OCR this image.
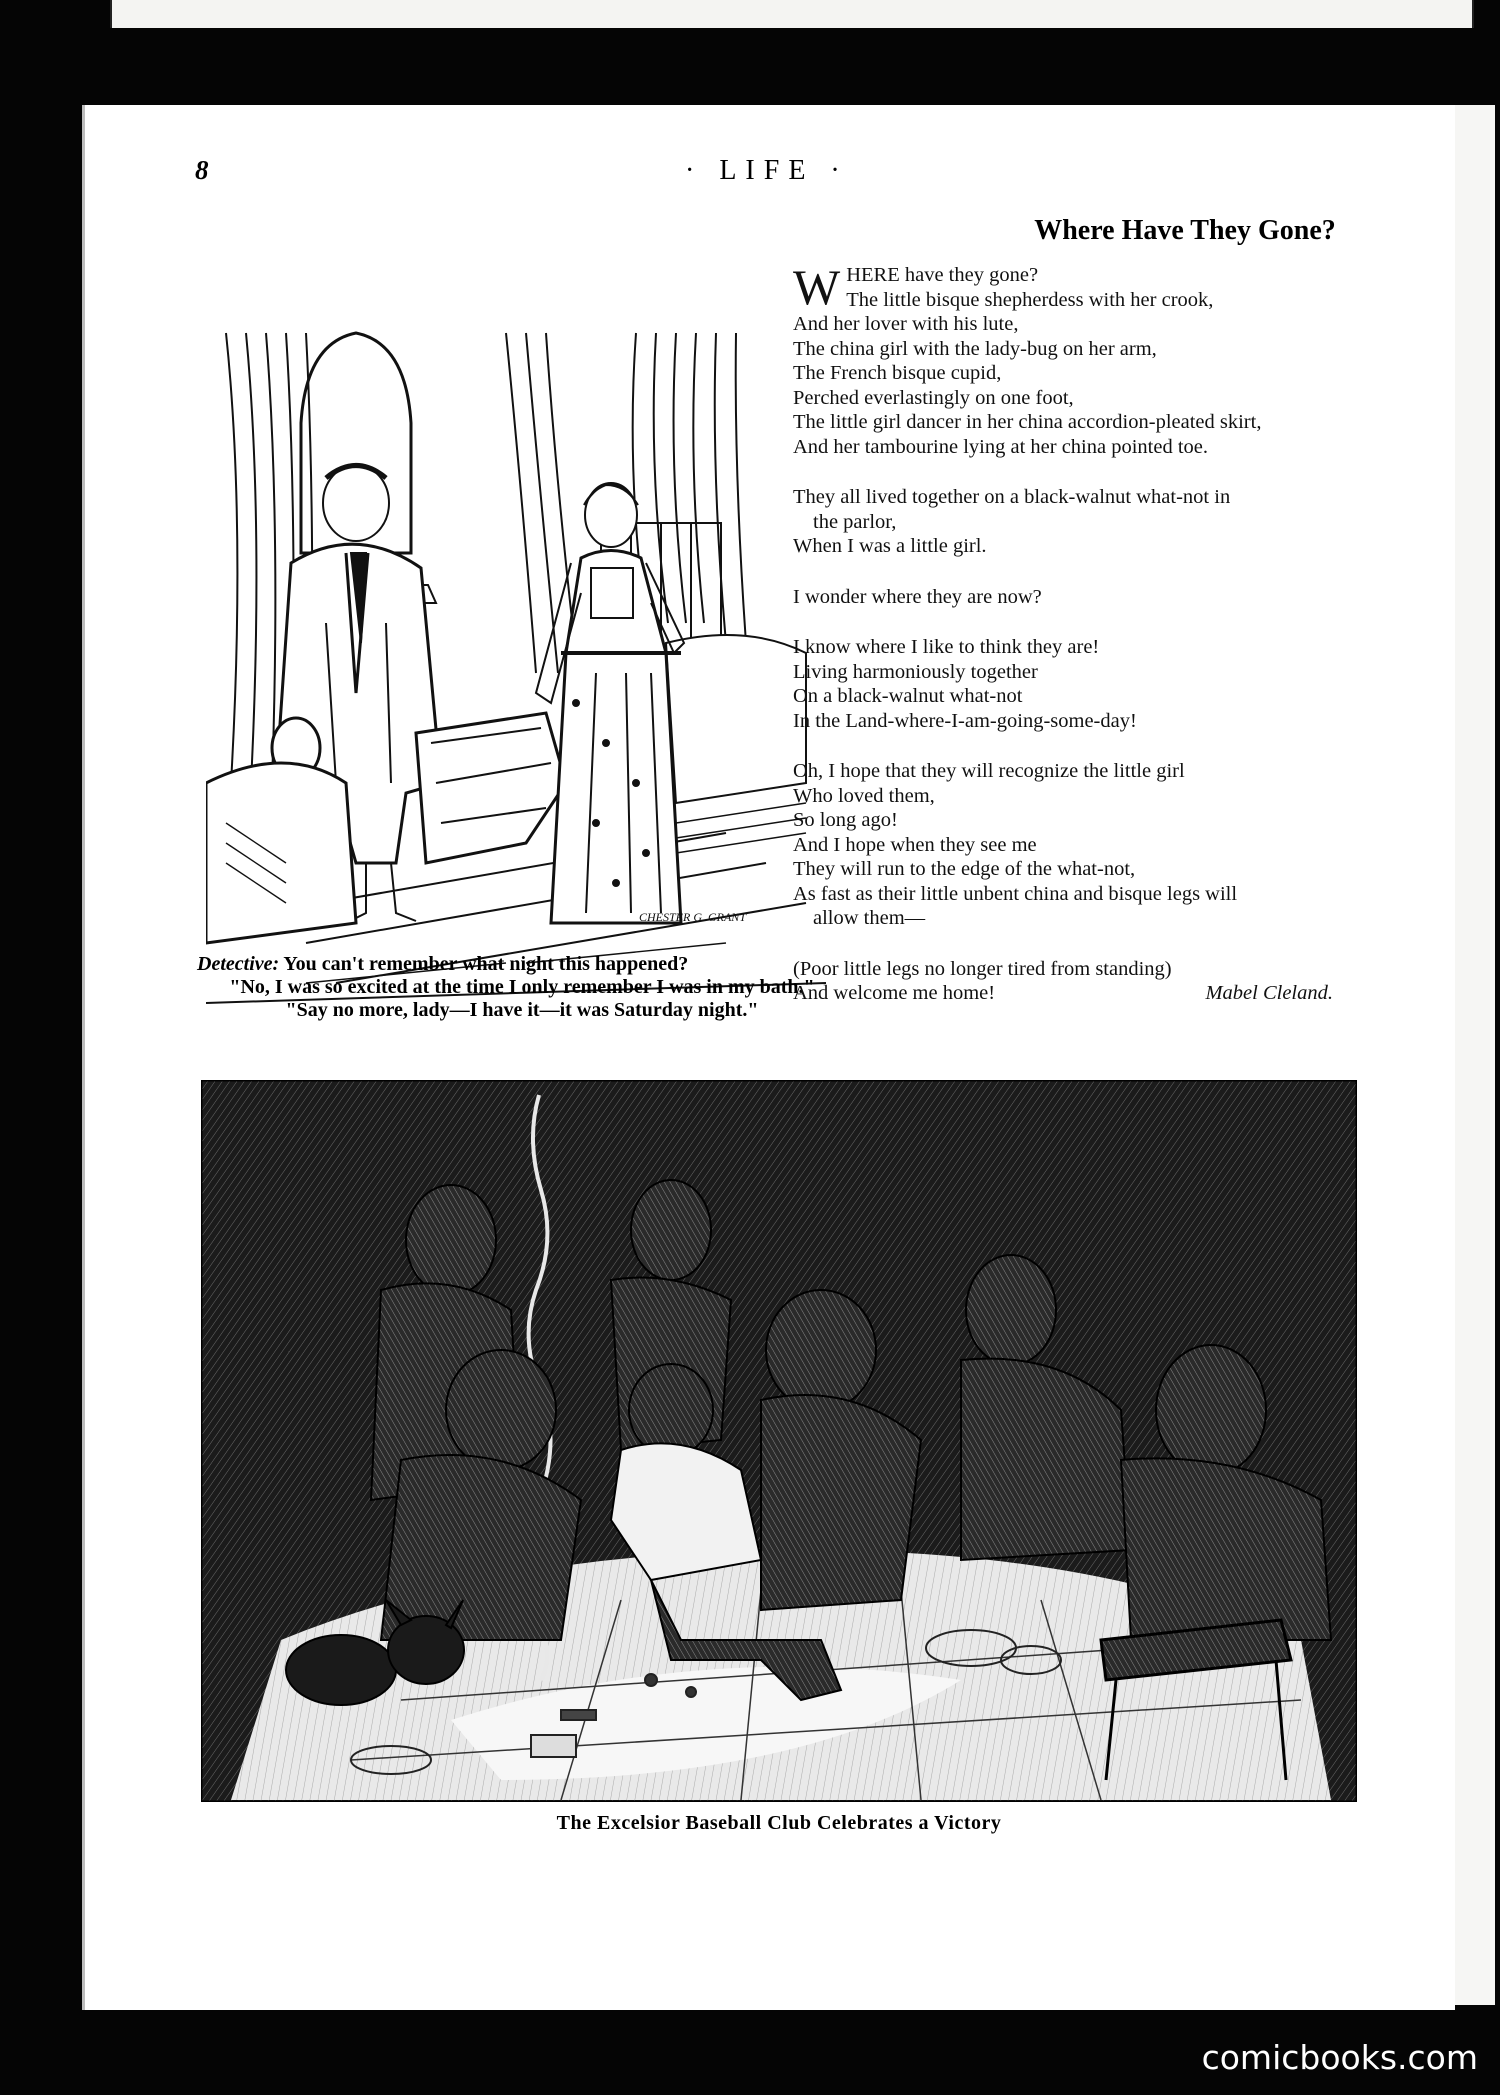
8	· LIFE ·
CHESTER G. GRANT
Detective: You can't remember what night this happened?
"No, I was so excited at the time I only remember I was in my bath."
"Say no more, lady—I have it—it was Saturday night."
Where Have They Gone?
W HERE have they gone?
The little bisque shepherdess with her crook,
And her lover with his lute,
The china girl with the lady-bug on her arm,
The French bisque cupid,
Perched everlastingly on one foot,
The little girl dancer in her china accordion-pleated skirt,
And her tambourine lying at her china pointed toe.
They all lived together on a black-walnut what-not in
the parlor,
When I was a little girl.
I wonder where they are now?
I know where I like to think they are!
Living harmoniously together
On a black-walnut what-not
In the Land-where-I-am-going-some-day!
Oh, I hope that they will recognize the little girl
Who loved them,
So long ago!
And I hope when they see me
They will run to the edge of the what-not,
As fast as their little unbent china and bisque legs will
allow them—
(Poor little legs no longer tired from standing)
And welcome me home!	Mabel Cleland.
The Excelsior Baseball Club Celebrates a Victory
comicbooks.com
